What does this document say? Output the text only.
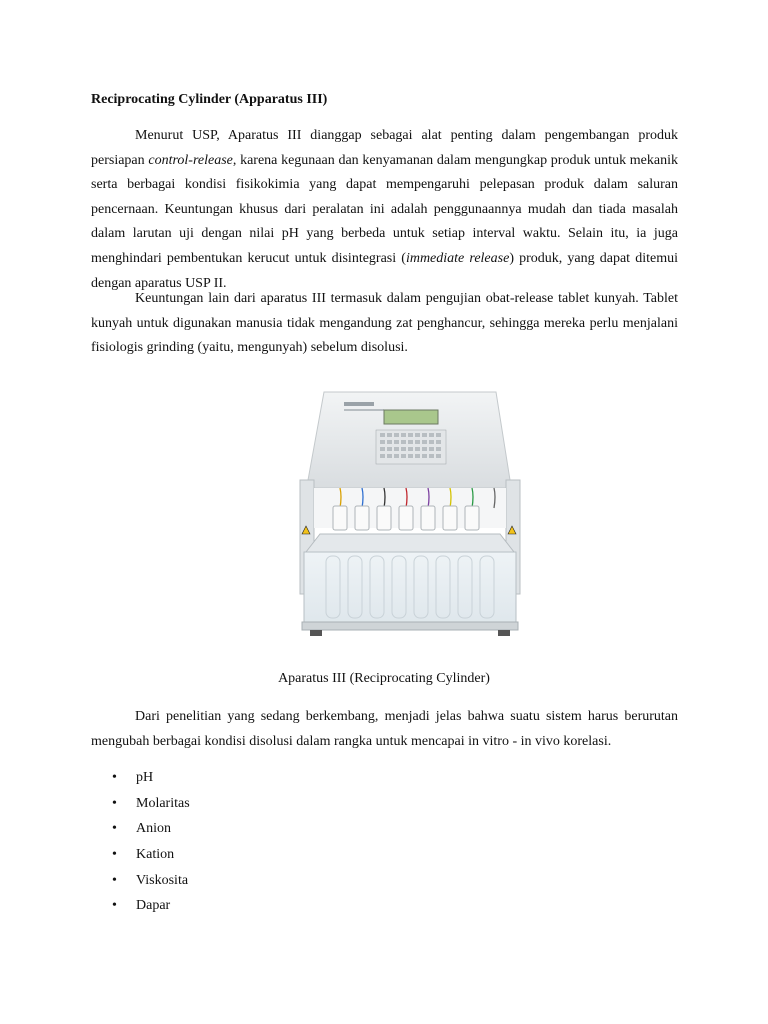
Reciprocating Cylinder (Apparatus III)

Menurut USP, Aparatus III dianggap sebagai alat penting dalam pengembangan produk persiapan control-release, karena kegunaan dan kenyamanan dalam mengungkap produk untuk mekanik serta berbagai kondisi fisikokimia yang dapat mempengaruhi pelepasan produk dalam saluran pencernaan. Keuntungan khusus dari peralatan ini adalah penggunaannya mudah dan tiada masalah dalam larutan uji dengan nilai pH yang berbeda untuk setiap interval waktu. Selain itu, ia juga menghindari pembentukan kerucut untuk disintegrasi (immediate release) produk, yang dapat ditemui dengan aparatus USP II.

Keuntungan lain dari aparatus III termasuk dalam pengujian obat-release tablet kunyah. Tablet kunyah untuk digunakan manusia tidak mengandung zat penghancur, sehingga mereka perlu menjalani fisiologis grinding (yaitu, mengunyah) sebelum disolusi.

Aparatus III (Reciprocating Cylinder)

Dari penelitian yang sedang berkembang, menjadi jelas bahwa suatu sistem harus berurutan mengubah berbagai kondisi disolusi dalam rangka untuk mencapai in vitro - in vivo korelasi.

• pH
• Molaritas
• Anion
• Kation
• Viskosita
• Dapar
